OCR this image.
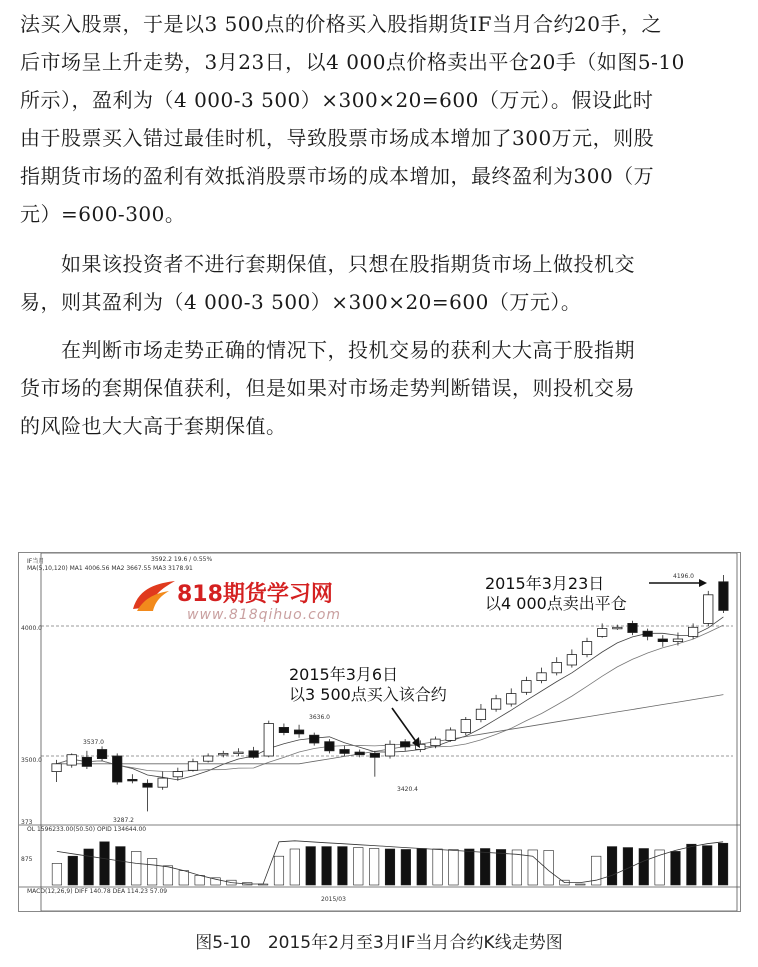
法买入股票，于是以3 500点的价格买入股指期货IF当月合约20手，之
后市场呈上升走势，3月23日，以4 000点价格卖出平仓20手（如图5-10
所示），盈利为（4 000-3 500）×300×20=600（万元）。假设此时
由于股票买入错过最佳时机，导致股票市场成本增加了300万元，则股
指期货市场的盈利有效抵消股票市场的成本增加，最终盈利为300（万
元）=600-300。
　　如果该投资者不进行套期保值，只想在股指期货市场上做投机交
易，则其盈利为（4 000-3 500）×300×20=600（万元）。
　　在判断市场走势正确的情况下，投机交易的获利大大高于股指期
货市场的套期保值获利，但是如果对市场走势判断错误，则投机交易
的风险也大大高于套期保值。
818期货学习网
www.818qihuo.com
2015年3月23日
以4 000点卖出平仓
2015年3月6日
以3 500点买入该合约
IF当月
MA(5,10,120) MA1 4006.56 MA2 3667.55 MA3 3178.91
3592.2 19.6 / 0.55%
4000.0
3500.0
4196.0
3537.0
3636.0
3420.4
3287.2
373
OL 1596233.00(50.50) OPID 134644.00
875
MACD(12,26,9) DIFF 140.78 DEA 114.23 57.09
2015/03
图5-10　2015年2月至3月IF当月合约K线走势图
